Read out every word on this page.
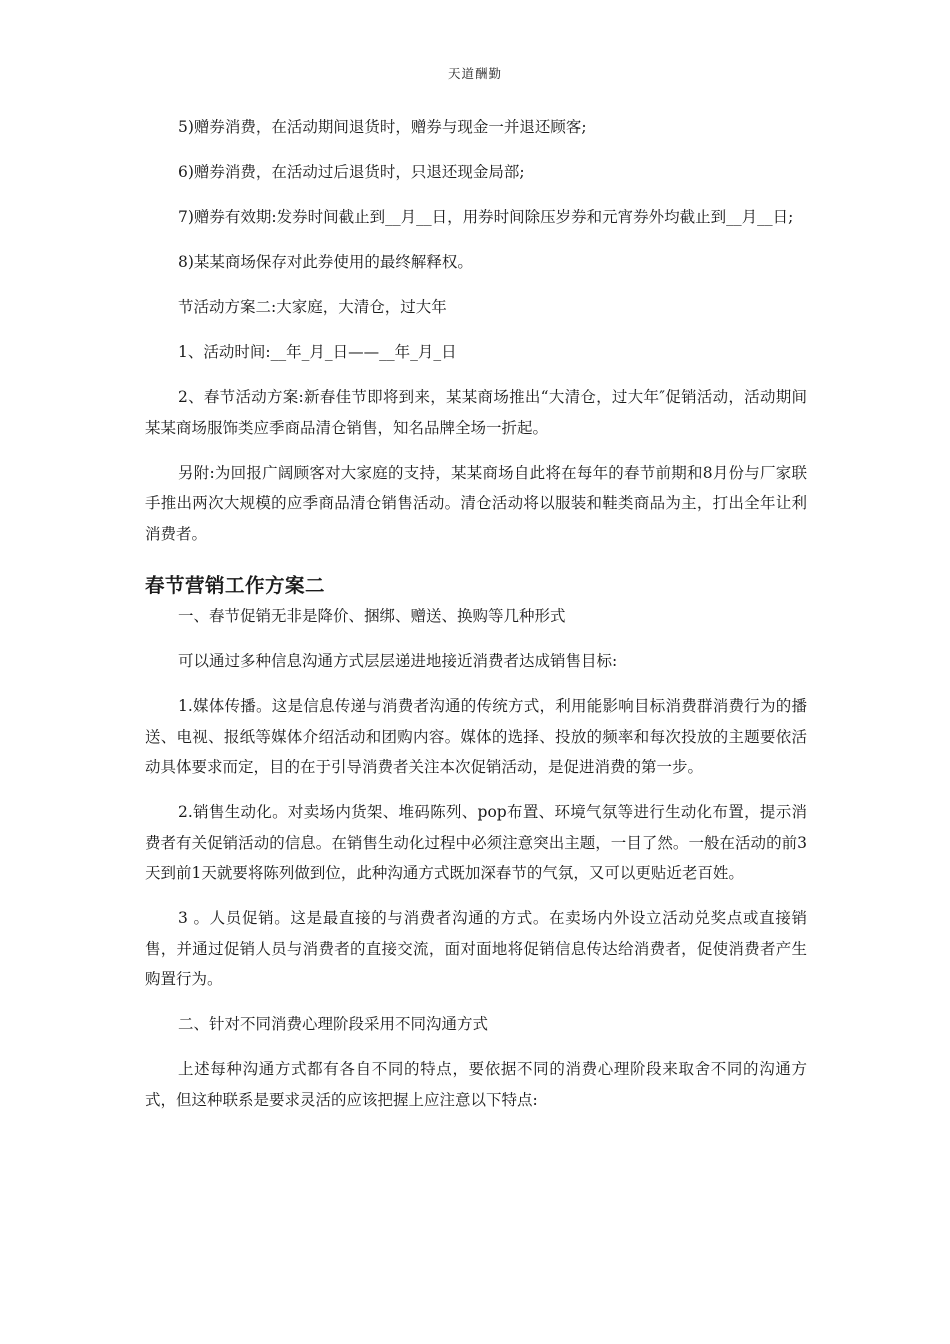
天道酬勤

5)赠券消费，在活动期间退货时，赠券与现金一并退还顾客;

6)赠券消费，在活动过后退货时，只退还现金局部;

7)赠券有效期:发券时间截止到__月__日，用券时间除压岁券和元宵券外均截止到__月__日;

8)某某商场保存对此券使用的最终解释权。

节活动方案二:大家庭，大清仓，过大年

1、活动时间:__年_月_日——__年_月_日

2、春节活动方案:新春佳节即将到来，某某商场推出“大清仓，过大年″促销活动，活动期间某某商场服饰类应季商品清仓销售，知名品牌全场一折起。

另附:为回报广阔顾客对大家庭的支持，某某商场自此将在每年的春节前期和8月份与厂家联手推出两次大规模的应季商品清仓销售活动。清仓活动将以服装和鞋类商品为主，打出全年让利消费者。

春节营销工作方案二

一、春节促销无非是降价、捆绑、赠送、换购等几种形式

可以通过多种信息沟通方式层层递进地接近消费者达成销售目标:

1.媒体传播。这是信息传递与消费者沟通的传统方式，利用能影响目标消费群消费行为的播送、电视、报纸等媒体介绍活动和团购内容。媒体的选择、投放的频率和每次投放的主题要依活动具体要求而定，目的在于引导消费者关注本次促销活动，是促进消费的第一步。

2.销售生动化。对卖场内货架、堆码陈列、pop布置、环境气氛等进行生动化布置，提示消费者有关促销活动的信息。在销售生动化过程中必须注意突出主题，一目了然。一般在活动的前3天到前1天就要将陈列做到位，此种沟通方式既加深春节的气氛，又可以更贴近老百姓。

3 。人员促销。这是最直接的与消费者沟通的方式。在卖场内外设立活动兑奖点或直接销售，并通过促销人员与消费者的直接交流，面对面地将促销信息传达给消费者，促使消费者产生购置行为。

二、针对不同消费心理阶段采用不同沟通方式

上述每种沟通方式都有各自不同的特点，要依据不同的消费心理阶段来取舍不同的沟通方式，但这种联系是要求灵活的应该把握上应注意以下特点:
